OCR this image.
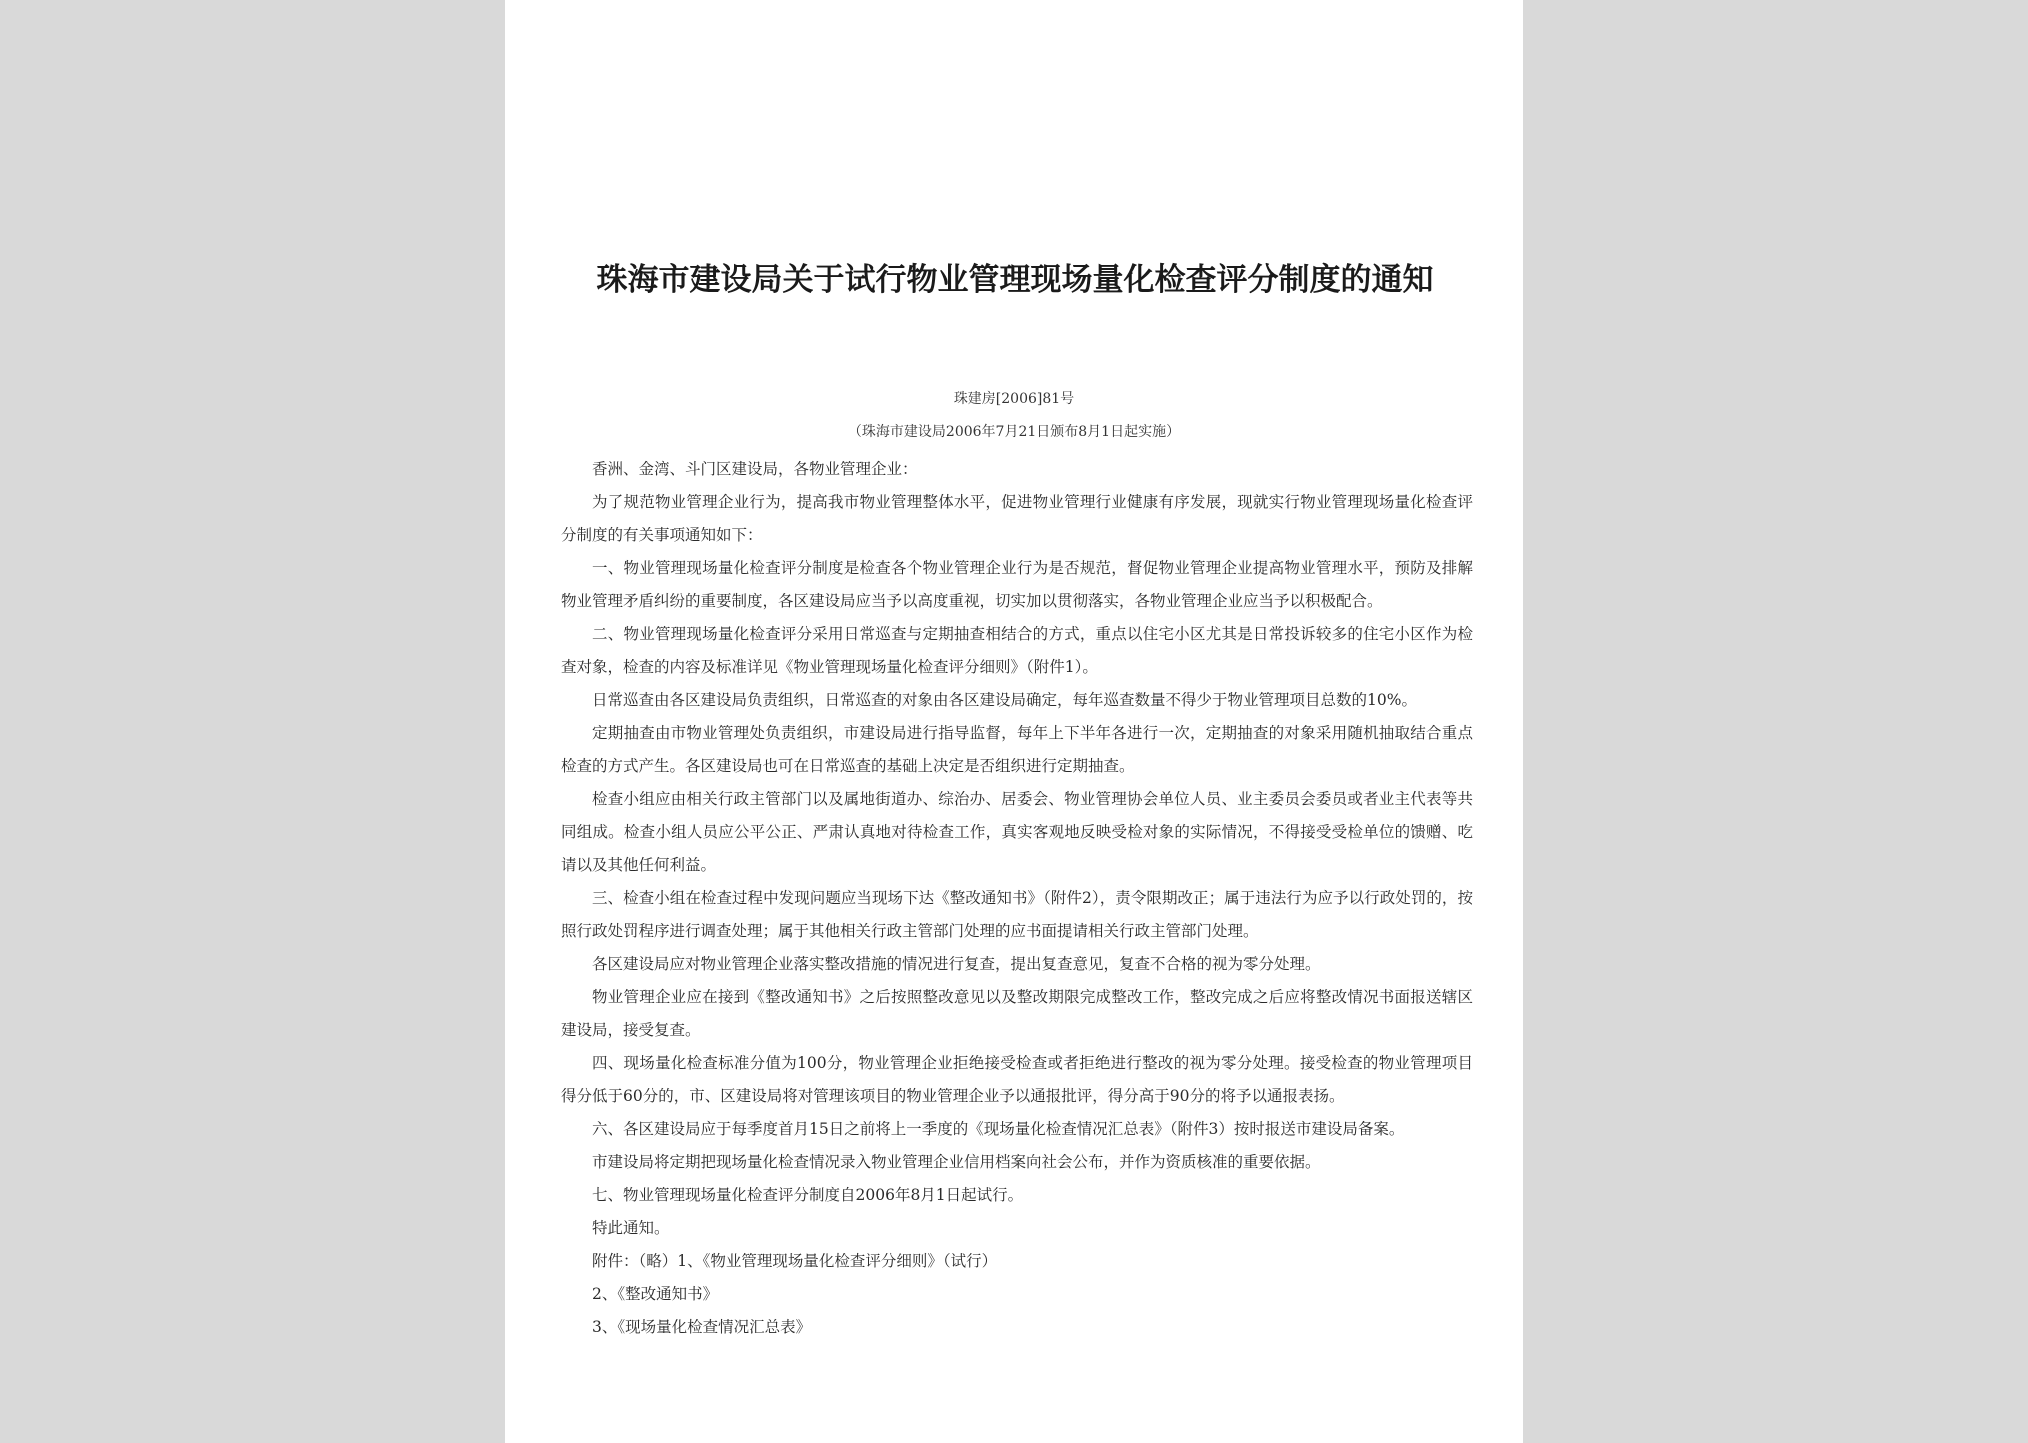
珠海市建设局关于试行物业管理现场量化检查评分制度的通知
珠建房[2006]81号
（珠海市建设局2006年7月21日颁布8月1日起实施）

香洲、金湾、斗门区建设局，各物业管理企业：

为了规范物业管理企业行为，提高我市物业管理整体水平，促进物业管理行业健康有序发展，现就实行物业管理现场量化检查评分制度的有关事项通知如下：

一、物业管理现场量化检查评分制度是检查各个物业管理企业行为是否规范，督促物业管理企业提高物业管理水平，预防及排解物业管理矛盾纠纷的重要制度，各区建设局应当予以高度重视，切实加以贯彻落实，各物业管理企业应当予以积极配合。

二、物业管理现场量化检查评分采用日常巡查与定期抽查相结合的方式，重点以住宅小区尤其是日常投诉较多的住宅小区作为检查对象，检查的内容及标准详见《物业管理现场量化检查评分细则》（附件1）。

日常巡查由各区建设局负责组织，日常巡查的对象由各区建设局确定，每年巡查数量不得少于物业管理项目总数的10%。

定期抽查由市物业管理处负责组织，市建设局进行指导监督，每年上下半年各进行一次，定期抽查的对象采用随机抽取结合重点检查的方式产生。各区建设局也可在日常巡查的基础上决定是否组织进行定期抽查。

检查小组应由相关行政主管部门以及属地街道办、综治办、居委会、物业管理协会单位人员、业主委员会委员或者业主代表等共同组成。检查小组人员应公平公正、严肃认真地对待检查工作，真实客观地反映受检对象的实际情况，不得接受受检单位的馈赠、吃请以及其他任何利益。

三、检查小组在检查过程中发现问题应当现场下达《整改通知书》（附件2），责令限期改正；属于违法行为应予以行政处罚的，按照行政处罚程序进行调查处理；属于其他相关行政主管部门处理的应书面提请相关行政主管部门处理。

各区建设局应对物业管理企业落实整改措施的情况进行复查，提出复查意见，复查不合格的视为零分处理。

物业管理企业应在接到《整改通知书》之后按照整改意见以及整改期限完成整改工作，整改完成之后应将整改情况书面报送辖区建设局，接受复查。

四、现场量化检查标准分值为100分，物业管理企业拒绝接受检查或者拒绝进行整改的视为零分处理。接受检查的物业管理项目得分低于60分的，市、区建设局将对管理该项目的物业管理企业予以通报批评，得分高于90分的将予以通报表扬。

六、各区建设局应于每季度首月15日之前将上一季度的《现场量化检查情况汇总表》（附件3）按时报送市建设局备案。

市建设局将定期把现场量化检查情况录入物业管理企业信用档案向社会公布，并作为资质核准的重要依据。

七、物业管理现场量化检查评分制度自2006年8月1日起试行。

特此通知。

附件：（略）1、《物业管理现场量化检查评分细则》（试行）

2、《整改通知书》

3、《现场量化检查情况汇总表》
